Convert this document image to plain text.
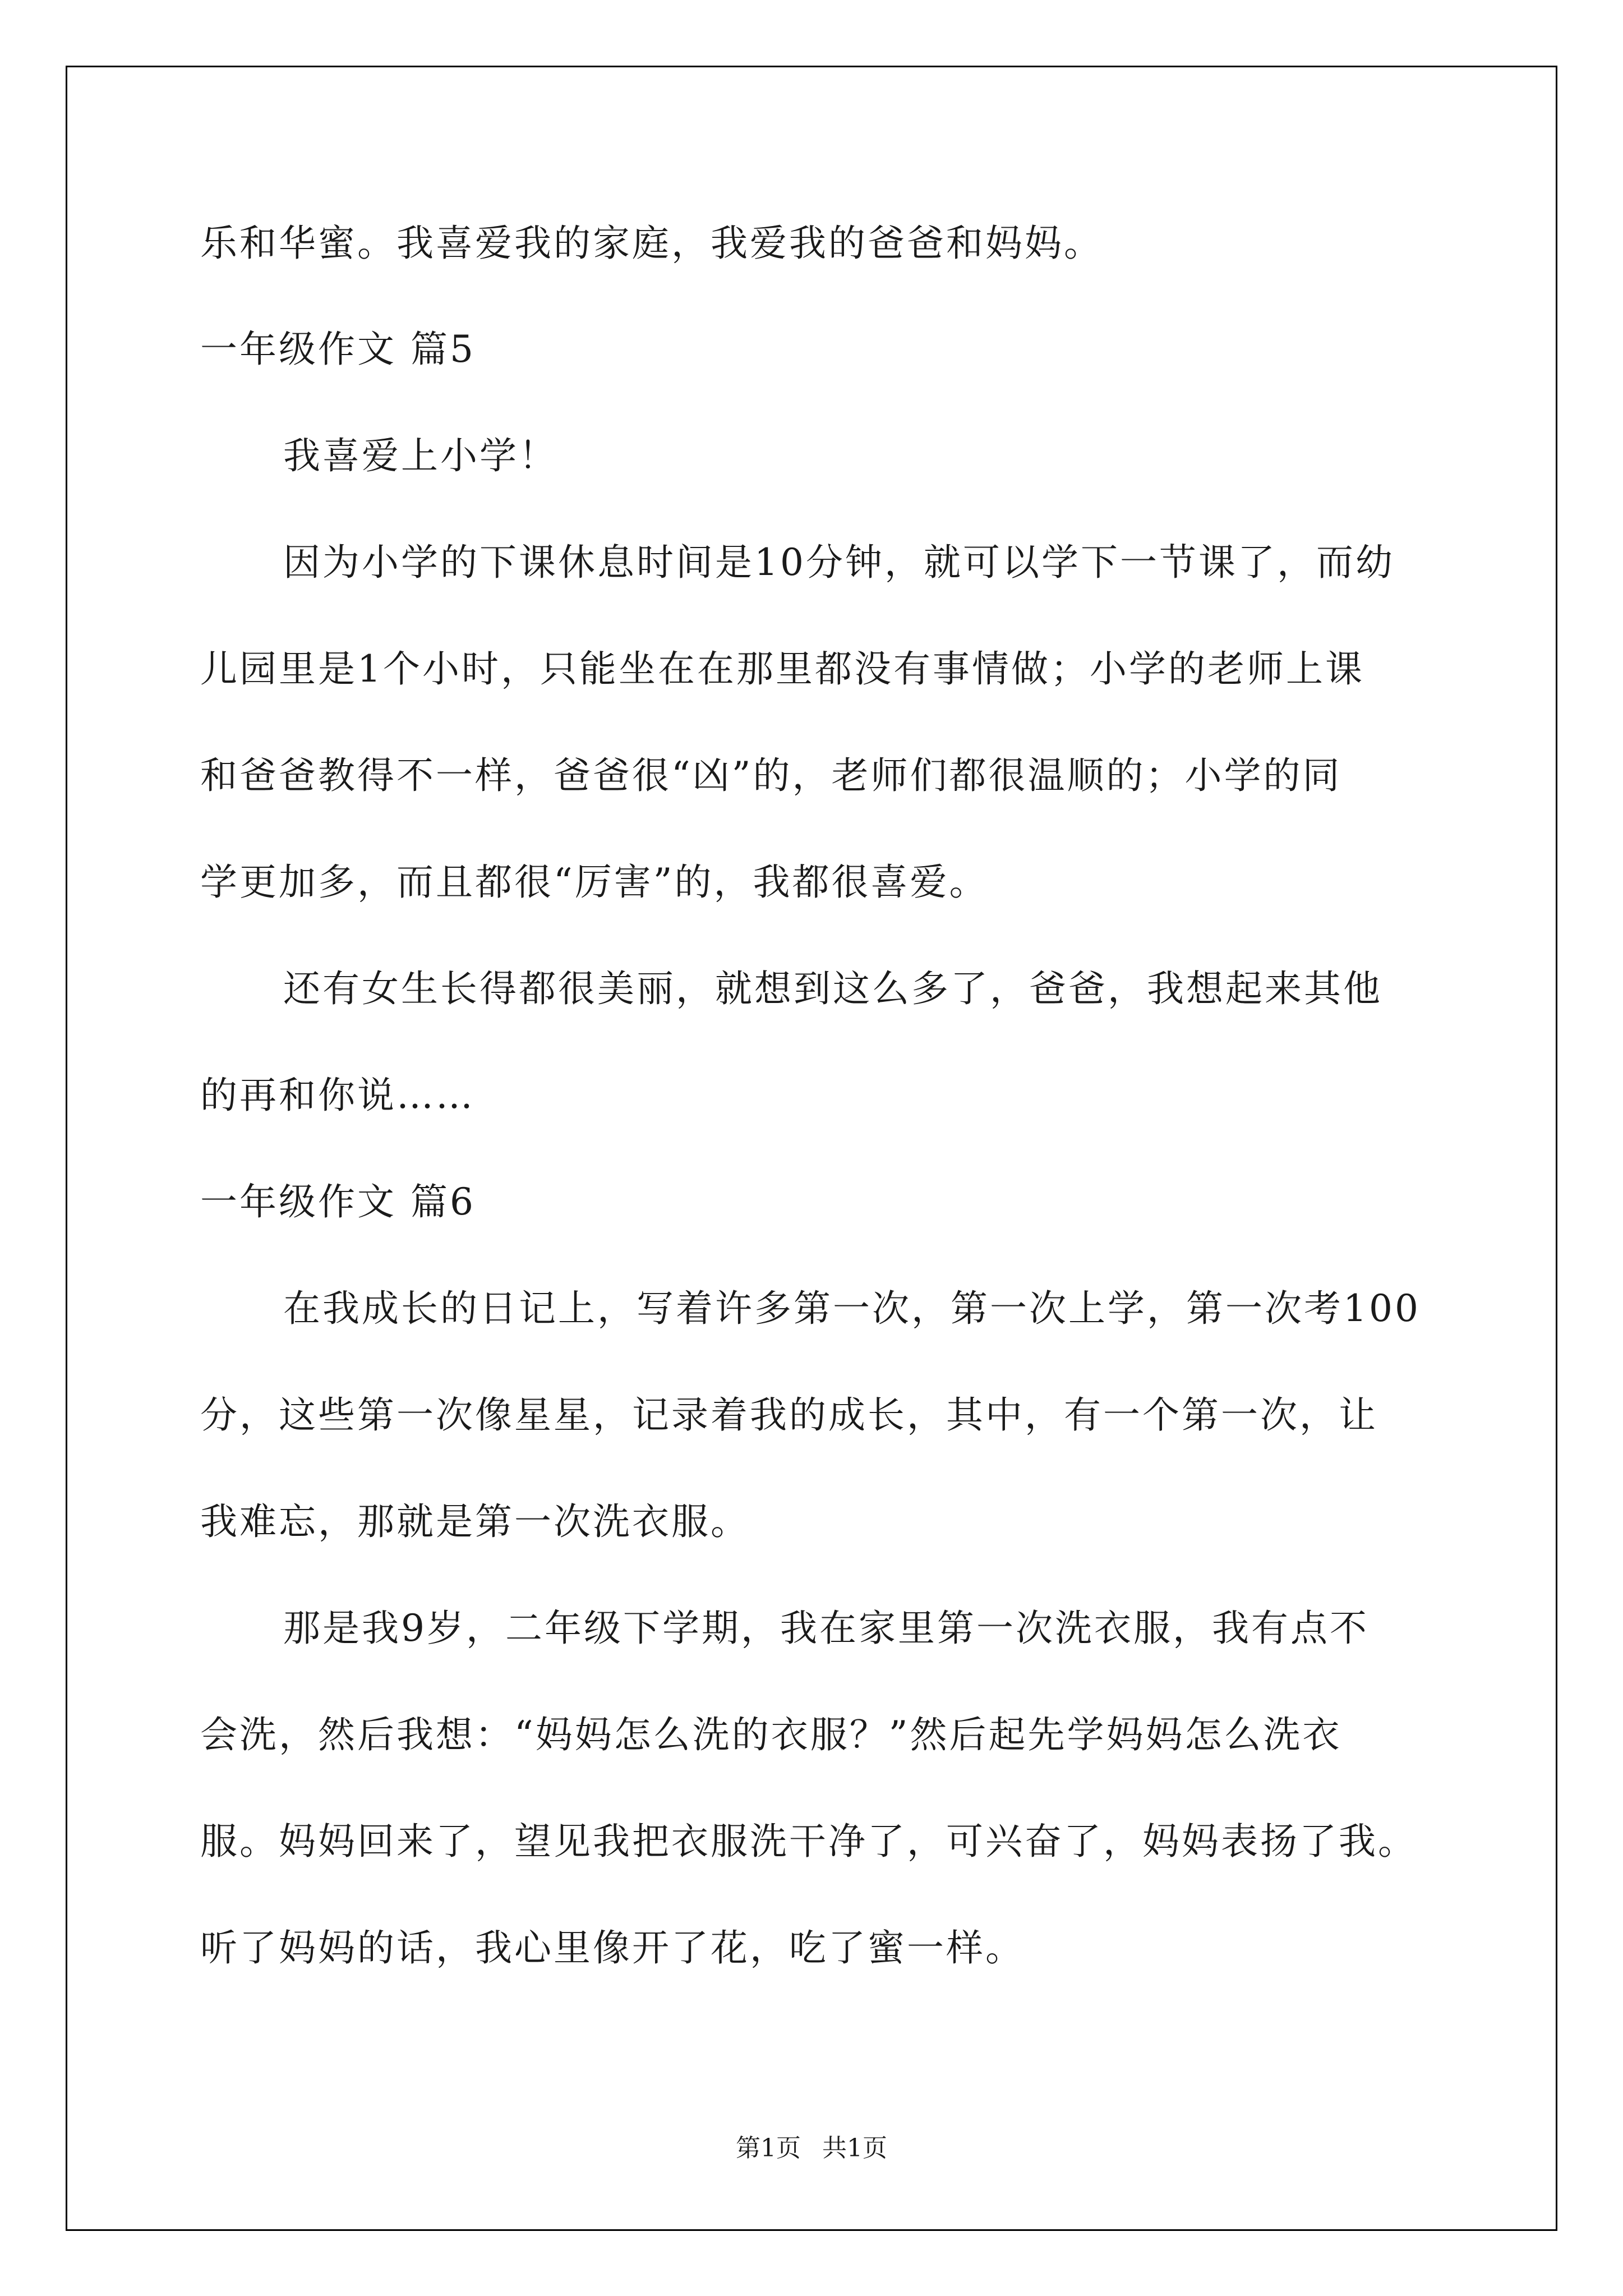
乐和华蜜。我喜爱我的家庭，我爱我的爸爸和妈妈。
一年级作文 篇5
我喜爱上小学！
因为小学的下课休息时间是10分钟，就可以学下一节课了，而幼
儿园里是1个小时，只能坐在在那里都没有事情做；小学的老师上课
和爸爸教得不一样，爸爸很“凶”的，老师们都很温顺的；小学的同
学更加多，而且都很“厉害”的，我都很喜爱。
还有女生长得都很美丽，就想到这么多了，爸爸，我想起来其他
的再和你说……
一年级作文 篇6
在我成长的日记上，写着许多第一次，第一次上学，第一次考100
分，这些第一次像星星，记录着我的成长，其中，有一个第一次，让
我难忘，那就是第一次洗衣服。
那是我9岁，二年级下学期，我在家里第一次洗衣服，我有点不
会洗，然后我想：“妈妈怎么洗的衣服？”然后起先学妈妈怎么洗衣
服。妈妈回来了，望见我把衣服洗干净了，可兴奋了，妈妈表扬了我。
听了妈妈的话，我心里像开了花，吃了蜜一样。
第1页 共1页
